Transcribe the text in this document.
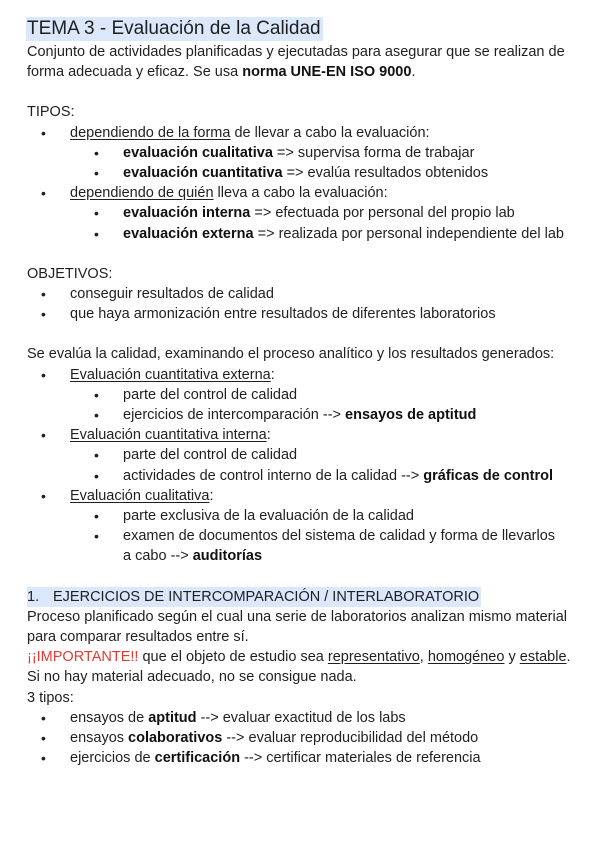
TEMA 3 - Evaluación de la Calidad

Conjunto de actividades planificadas y ejecutadas para asegurar que se realizan de forma adecuada y eficaz. Se usa norma UNE-EN ISO 9000.

TIPOS:

• dependiendo de la forma de llevar a cabo la evaluación:
• evaluación cualitativa => supervisa forma de trabajar
• evaluación cuantitativa => evalúa resultados obtenidos
• dependiendo de quién lleva a cabo la evaluación:
• evaluación interna => efectuada por personal del propio lab
• evaluación externa => realizada por personal independiente del lab

OBJETIVOS:

• conseguir resultados de calidad
• que haya armonización entre resultados de diferentes laboratorios

Se evalúa la calidad, examinando el proceso analítico y los resultados generados:

• Evaluación cuantitativa externa:
• parte del control de calidad
• ejercicios de intercomparación --> ensayos de aptitud
• Evaluación cuantitativa interna:
• parte del control de calidad
• actividades de control interno de la calidad --> gráficas de control
• Evaluación cualitativa:
• parte exclusiva de la evaluación de la calidad
• examen de documentos del sistema de calidad y forma de llevarlos a cabo --> auditorías
1. EJERCICIOS DE INTERCOMPARACIÓN / INTERLABORATORIO

Proceso planificado según el cual una serie de laboratorios analizan mismo material para comparar resultados entre sí.

¡¡IMPORTANTE!! que el objeto de estudio sea representativo, homogéneo y estable. Si no hay material adecuado, no se consigue nada.

3 tipos:

• ensayos de aptitud --> evaluar exactitud de los labs
• ensayos colaborativos --> evaluar reproducibilidad del método
• ejercicios de certificación --> certificar materiales de referencia
